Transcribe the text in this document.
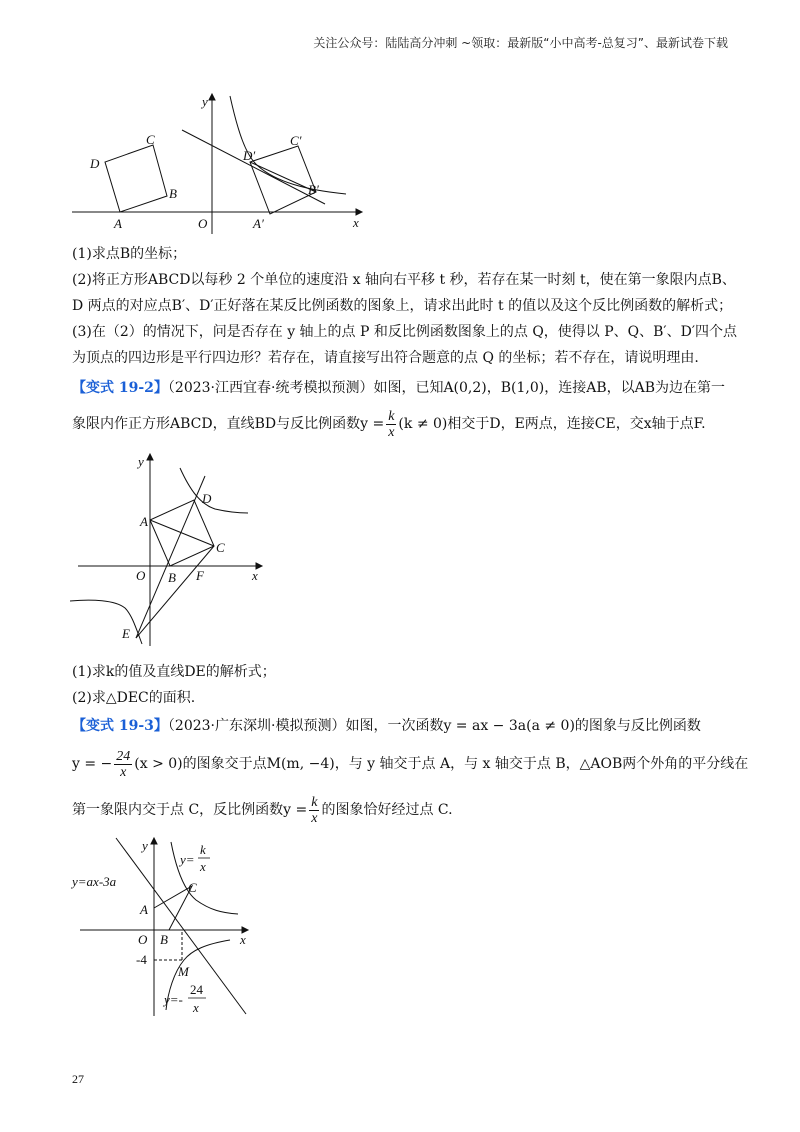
关注公众号：陆陆高分冲刺 ~领取：最新版“小中高考-总复习”、最新试卷下载
y
x
O
A
B
C
D
A′
B′
C′
D′
(1)求点B的坐标；
(2)将正方形ABCD以每秒 2 个单位的速度沿 x 轴向右平移 t 秒，若存在某一时刻 t，使在第一象限内点B、
D 两点的对应点B′、D′正好落在某反比例函数的图象上，请求出此时 t 的值以及这个反比例函数的解析式；
(3)在（2）的情况下，问是否存在 y 轴上的点 P 和反比例函数图象上的点 Q，使得以 P、Q、B′、D′四个点
为顶点的四边形是平行四边形？若存在，请直接写出符合题意的点 Q 的坐标；若不存在，请说明理由.
【变式 19-2】（2023·江西宜春·统考模拟预测）如图，已知A(0,2)，B(1,0)，连接AB，以AB为边在第一
象限内作正方形ABCD，直线BD与反比例函数$y = \frac{k}{x} (k \ne 0)$相交于D，E两点，连接CE，交x轴于点F.
y
x
O
A
B
C
D
E
F
(1)求k的值及直线DE的解析式；
(2)求△DEC的面积.
【变式 19-3】（2023·广东深圳·模拟预测）如图，一次函数y = ax − 3a(a ≠ 0)的图象与反比例函数
y = − $\frac{24}{x} (x > 0)$的图象交于点M(m, −4)，与 y 轴交于点 A，与 x 轴交于点 B，△AOB两个外角的平分线在
第一象限内交于点 C，反比例函数$y = \frac{k}{x}$ 的图象恰好经过点 C.
y
x
O
A
B
C
M
-4
y=ax-3a
y=
k
x
y=-
24
x
27
